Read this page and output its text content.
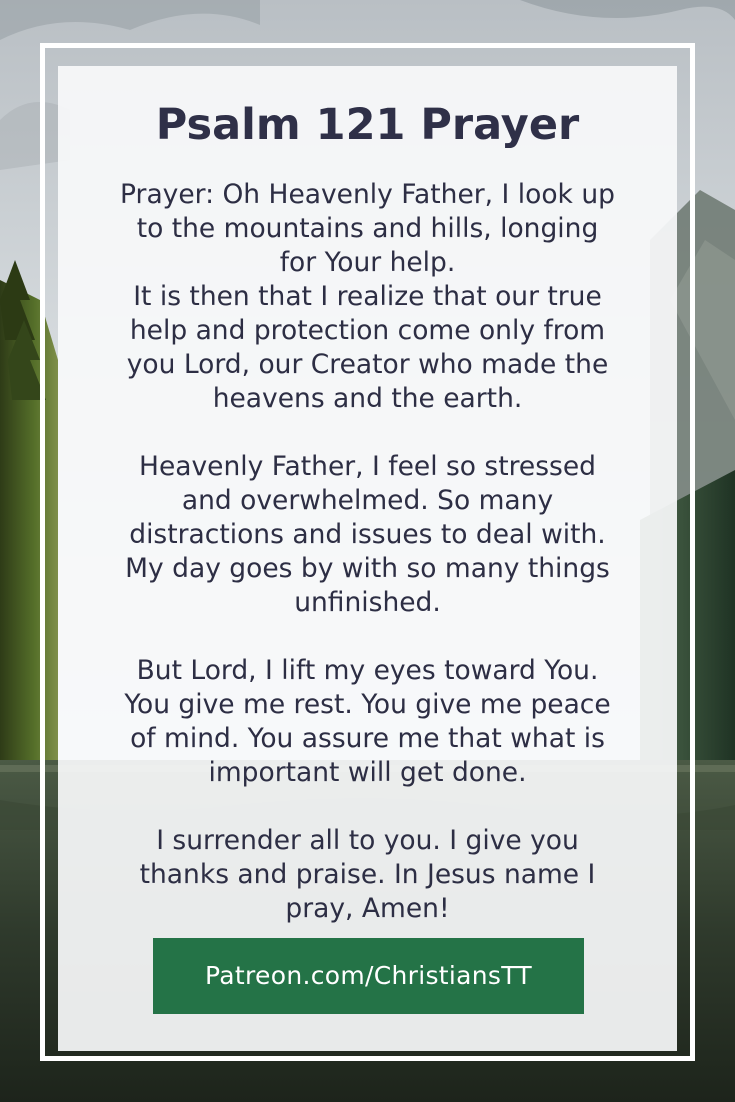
Psalm 121 Prayer

Prayer: Oh Heavenly Father, I look up
to the mountains and hills, longing
for Your help.
It is then that I realize that our true
help and protection come only from
you Lord, our Creator who made the
heavens and the earth.

Heavenly Father, I feel so stressed
and overwhelmed. So many
distractions and issues to deal with.
My day goes by with so many things
unfinished.

But Lord, I lift my eyes toward You.
You give me rest. You give me peace
of mind. You assure me that what is
important will get done.

I surrender all to you. I give you
thanks and praise. In Jesus name I
pray, Amen!

Patreon.com/ChristiansTT
